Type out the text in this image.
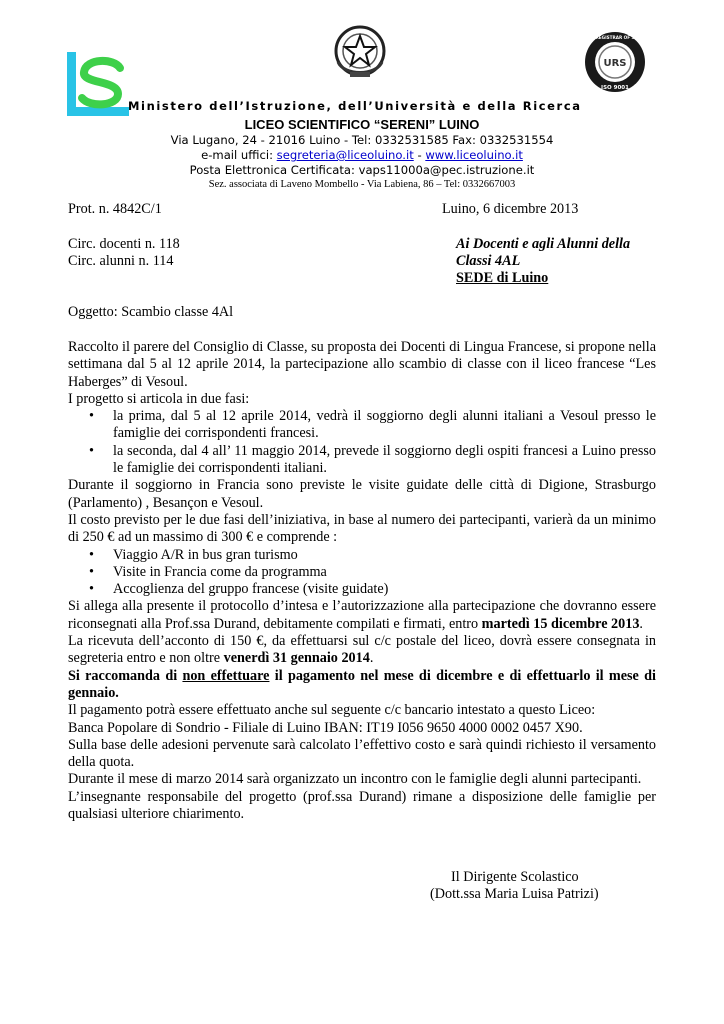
UNITED REGISTRAR OF SYSTEMS
URS
ISO 9001
Ministero dell’Istruzione, dell’Università e della Ricerca
LICEO SCIENTIFICO “SERENI” LUINO
Via Lugano, 24 - 21016 Luino - Tel: 0332531585 Fax: 0332531554
e-mail uffici: segreteria@liceoluino.it - www.liceoluino.it
Posta Elettronica Certificata: vaps11000a@pec.istruzione.it
Sez. associata di Laveno Mombello - Via Labiena, 86 – Tel: 0332667003
Prot. n. 4842C/1	Luino, 6 dicembre 2013
Circ. docenti n. 118
Circ. alunni n. 114
Ai Docenti e agli Alunni della
Classi 4AL
SEDE di Luino
Oggetto: Scambio classe 4Al

Raccolto il parere del Consiglio di Classe, su proposta dei Docenti di Lingua Francese, si propone nella settimana dal 5 al 12 aprile 2014, la partecipazione allo scambio di classe con il liceo francese “Les Haberges” di Vesoul.

I progetto si articola in due fasi:

• la prima, dal 5 al 12 aprile 2014, vedrà il soggiorno degli alunni italiani a Vesoul presso le famiglie dei corrispondenti francesi.
• la seconda, dal 4 all’ 11 maggio 2014, prevede il soggiorno degli ospiti francesi a Luino presso le famiglie dei corrispondenti italiani.

Durante il soggiorno in Francia sono previste le visite guidate delle città di Digione, Strasburgo (Parlamento) , Besançon e Vesoul.

Il costo previsto per le due fasi dell’iniziativa, in base al numero dei partecipanti, varierà da un minimo di 250 € ad un massimo di 300 € e comprende :

• Viaggio A/R in bus gran turismo
• Visite in Francia come da programma
• Accoglienza del gruppo francese (visite guidate)

Si allega alla presente il protocollo d’intesa e l’autorizzazione alla partecipazione che dovranno essere riconsegnati alla Prof.ssa Durand, debitamente compilati e firmati, entro martedì 15 dicembre 2013.

La ricevuta dell’acconto di 150 €, da effettuarsi sul c/c postale del liceo, dovrà essere consegnata in segreteria entro e non oltre venerdì 31 gennaio 2014.

Si raccomanda di non effettuare il pagamento nel mese di dicembre e di effettuarlo il mese di gennaio.

Il pagamento potrà essere effettuato anche sul seguente c/c bancario intestato a questo Liceo:

Banca Popolare di Sondrio - Filiale di Luino IBAN: IT19 I056 9650 4000 0002 0457 X90.

Sulla base delle adesioni pervenute sarà calcolato l’effettivo costo e sarà quindi richiesto il versamento della quota.

Durante il mese di marzo 2014 sarà organizzato un incontro con le famiglie degli alunni partecipanti.

L’insegnante responsabile del progetto (prof.ssa Durand) rimane a disposizione delle famiglie per qualsiasi ulteriore chiarimento.

Il Dirigente Scolastico
(Dott.ssa Maria Luisa Patrizi)
